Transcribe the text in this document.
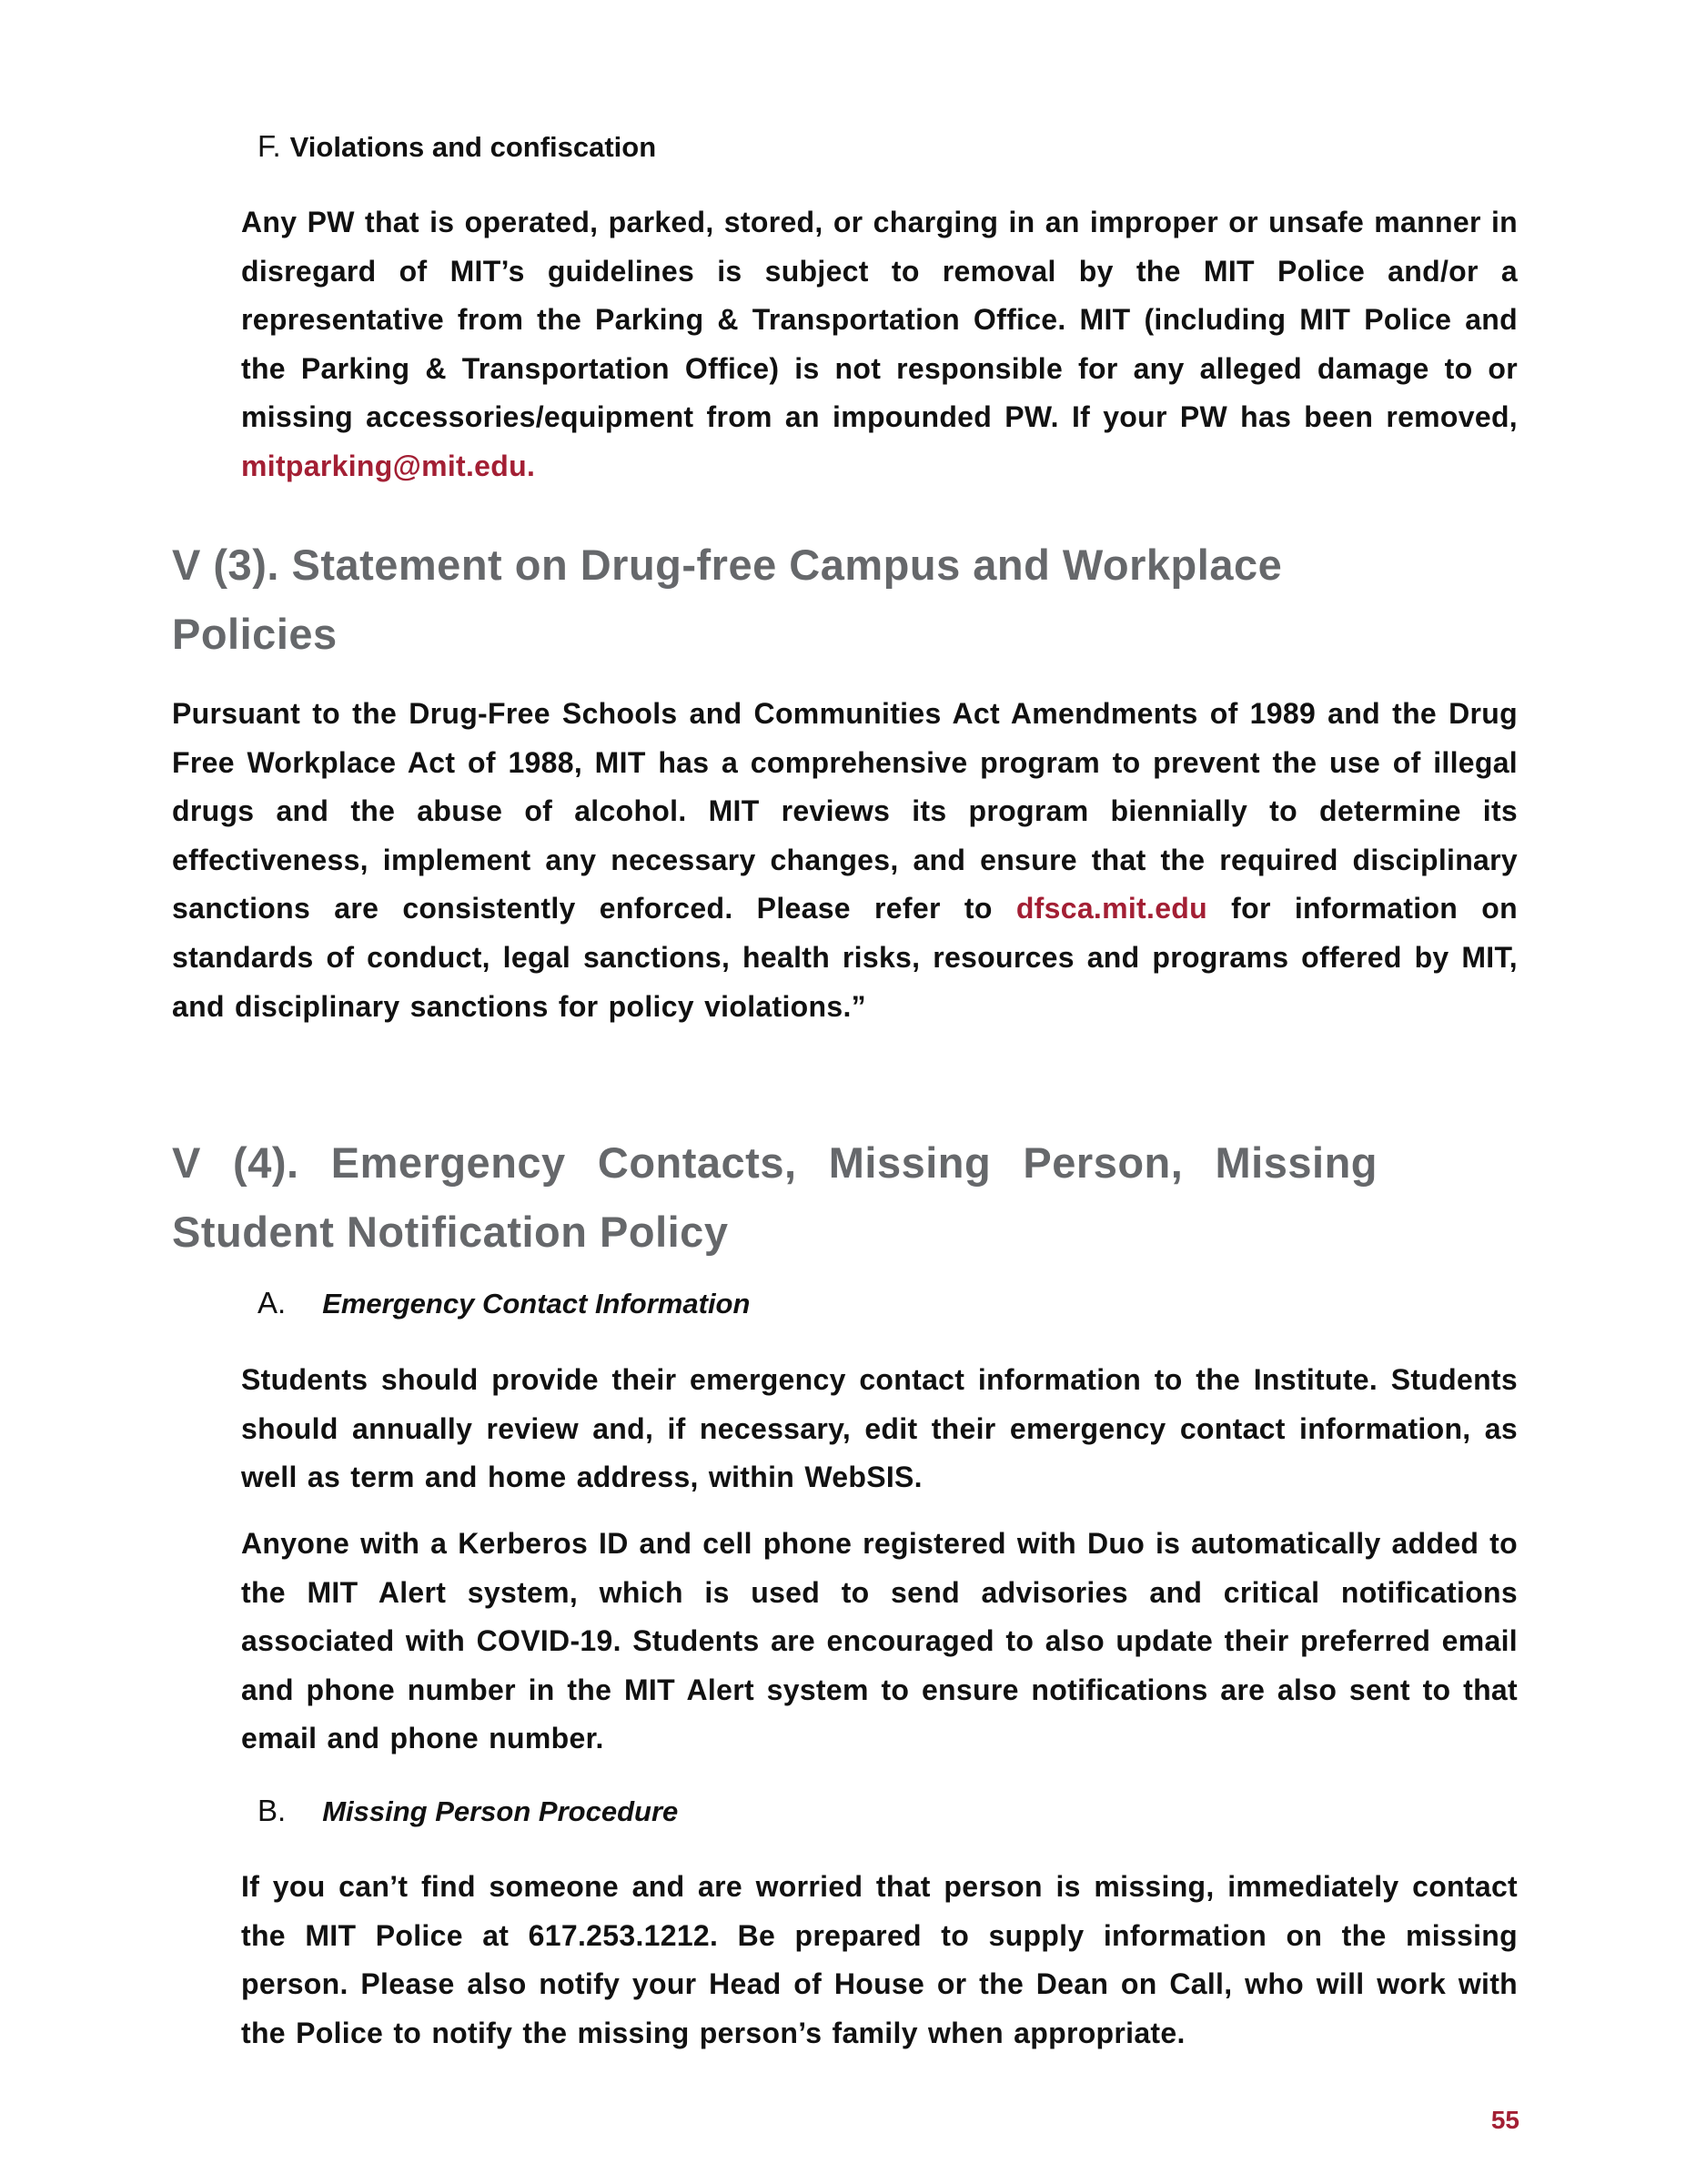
F. Violations and confiscation

Any PW that is operated, parked, stored, or charging in an improper or unsafe manner in disregard of MIT’s guidelines is subject to removal by the MIT Police and/or a representative from the Parking & Transportation Office. MIT (including MIT Police and the Parking & Transportation Office) is not responsible for any alleged damage to or missing accessories/equipment from an impounded PW. If your PW has been removed, mitparking@mit.edu.

V (3). Statement on Drug-free Campus and Workplace Policies

Pursuant to the Drug-Free Schools and Communities Act Amendments of 1989 and the Drug Free Workplace Act of 1988, MIT has a comprehensive program to prevent the use of illegal drugs and the abuse of alcohol. MIT reviews its program biennially to determine its effectiveness, implement any necessary changes, and ensure that the required disciplinary sanctions are consistently enforced. Please refer to dfsca.mit.edu for information on standards of conduct, legal sanctions, health risks, resources and programs offered by MIT, and disciplinary sanctions for policy violations.”

V (4). Emergency Contacts, Missing Person, Missing Student Notification Policy
A. Emergency Contact Information

Students should provide their emergency contact information to the Institute. Students should annually review and, if necessary, edit their emergency contact information, as well as term and home address, within WebSIS.

Anyone with a Kerberos ID and cell phone registered with Duo is automatically added to the MIT Alert system, which is used to send advisories and critical notifications associated with COVID-19. Students are encouraged to also update their preferred email and phone number in the MIT Alert system to ensure notifications are also sent to that email and phone number.

B. Missing Person Procedure

If you can’t find someone and are worried that person is missing, immediately contact the MIT Police at 617.253.1212. Be prepared to supply information on the missing person. Please also notify your Head of House or the Dean on Call, who will work with the Police to notify the missing person’s family when appropriate.

55
